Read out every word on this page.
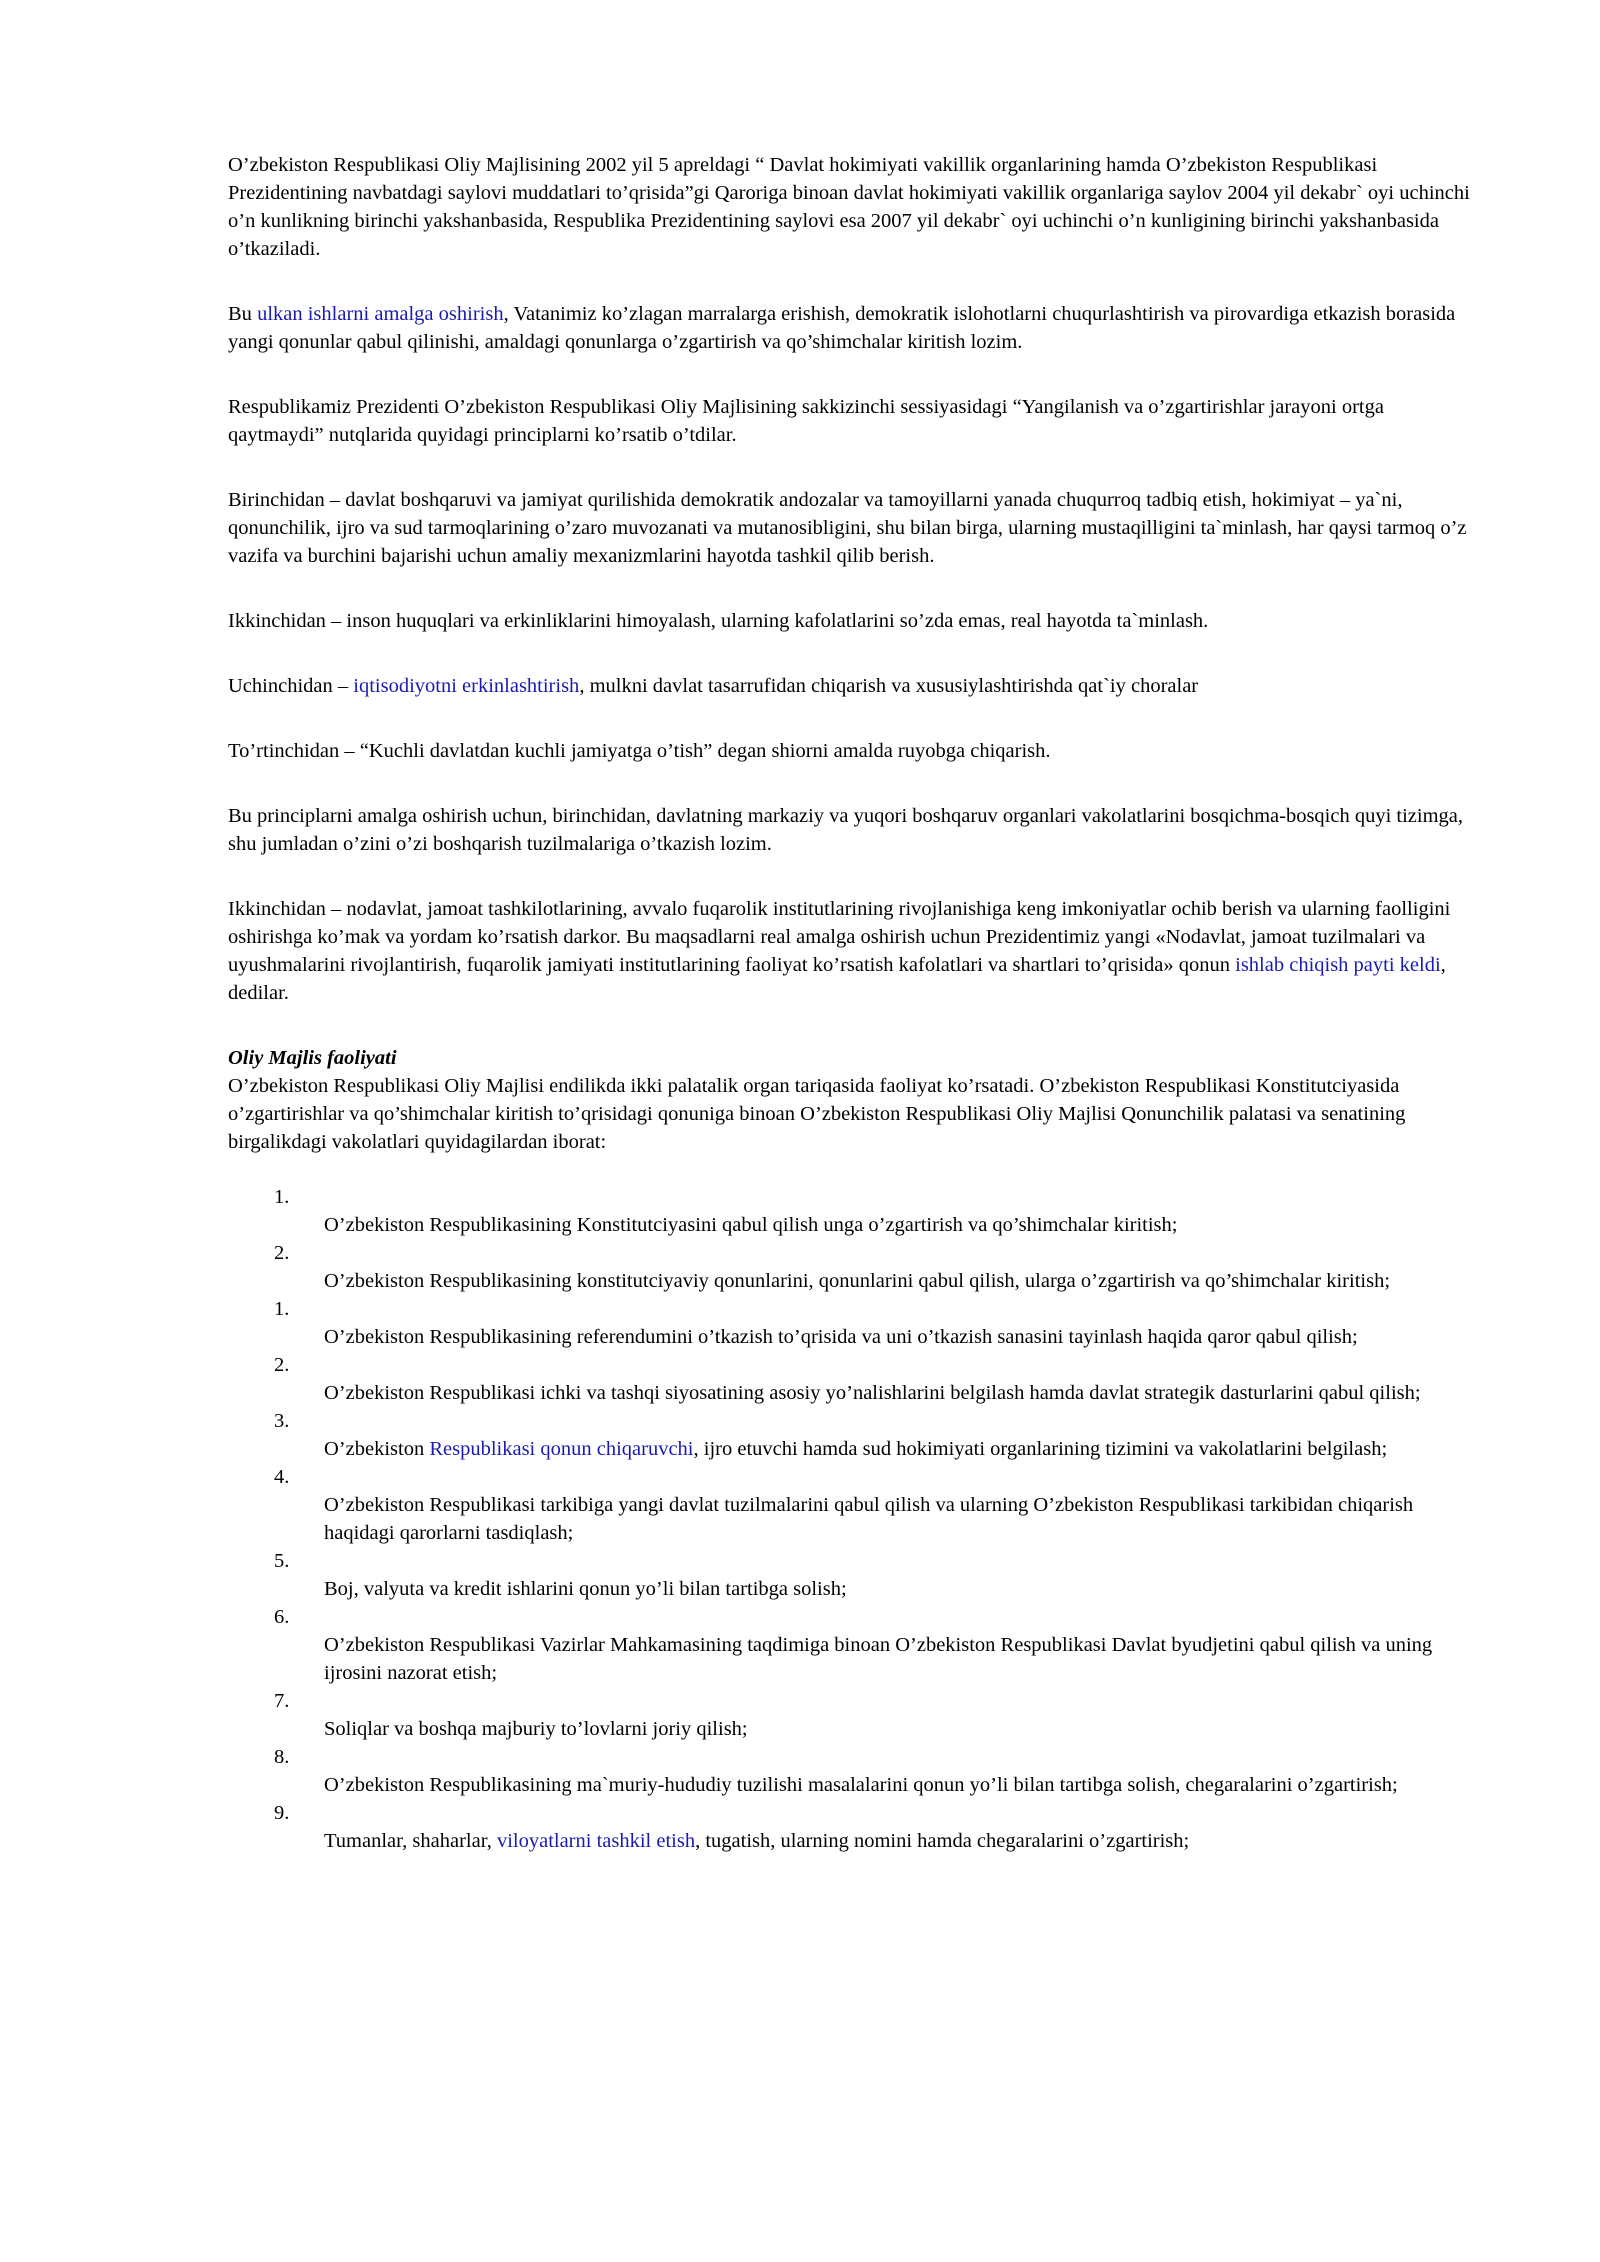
O’zbekiston Respublikasi Oliy Majlisining 2002 yil 5 apreldagi “ Davlat hokimiyati vakillik organlarining hamda O’zbekiston Respublikasi Prezidentining navbatdagi saylovi muddatlari to’qrisida”gi Qaroriga binoan davlat hokimiyati vakillik organlariga saylov 2004 yil dekabr` oyi uchinchi o’n kunlikning birinchi yakshanbasida, Respublika Prezidentining saylovi esa 2007 yil dekabr` oyi uchinchi o’n kunligining birinchi yakshanbasida o’tkaziladi.

Bu ulkan ishlarni amalga oshirish, Vatanimiz ko’zlagan marralarga erishish, demokratik islohotlarni chuqurlashtirish va pirovardiga etkazish borasida yangi qonunlar qabul qilinishi, amaldagi qonunlarga o’zgartirish va qo’shimchalar kiritish lozim.

Respublikamiz Prezidenti O’zbekiston Respublikasi Oliy Majlisining sakkizinchi sessiyasidagi “Yangilanish va o’zgartirishlar jarayoni ortga qaytmaydi” nutqlarida quyidagi principlarni ko’rsatib o’tdilar.

Birinchidan – davlat boshqaruvi va jamiyat qurilishida demokratik andozalar va tamoyillarni yanada chuqurroq tadbiq etish, hokimiyat – ya`ni, qonunchilik, ijro va sud tarmoqlarining o’zaro muvozanati va mutanosibligini, shu bilan birga, ularning mustaqilligini ta`minlash, har qaysi tarmoq o’z vazifa va burchini bajarishi uchun amaliy mexanizmlarini hayotda tashkil qilib berish.

Ikkinchidan – inson huquqlari va erkinliklarini himoyalash, ularning kafolatlarini so’zda emas, real hayotda ta`minlash.

Uchinchidan – iqtisodiyotni erkinlashtirish, mulkni davlat tasarrufidan chiqarish va xususiylashtirishda qat`iy choralar

To’rtinchidan – “Kuchli davlatdan kuchli jamiyatga o’tish” degan shiorni amalda ruyobga chiqarish.

Bu principlarni amalga oshirish uchun, birinchidan, davlatning markaziy va yuqori boshqaruv organlari vakolatlarini bosqichma-bosqich quyi tizimga, shu jumladan o’zini o’zi boshqarish tuzilmalariga o’tkazish lozim.

Ikkinchidan – nodavlat, jamoat tashkilotlarining, avvalo fuqarolik institutlarining rivojlanishiga keng imkoniyatlar ochib berish va ularning faolligini oshirishga ko’mak va yordam ko’rsatish darkor. Bu maqsadlarni real amalga oshirish uchun Prezidentimiz yangi «Nodavlat, jamoat tuzilmalari va uyushmalarini rivojlantirish, fuqarolik jamiyati institutlarining faoliyat ko’rsatish kafolatlari va shartlari to’qrisida» qonun ishlab chiqish payti keldi, dedilar.

Oliy Majlis faoliyati
O’zbekiston Respublikasi Oliy Majlisi endilikda ikki palatalik organ tariqasida faoliyat ko’rsatadi. O’zbekiston Respublikasi Konstitutciyasida o’zgartirishlar va qo’shimchalar kiritish to’qrisidagi qonuniga binoan O’zbekiston Respublikasi Oliy Majlisi Qonunchilik palatasi va senatining birgalikdagi vakolatlari quyidagilardan iborat:
1.
O’zbekiston Respublikasining Konstitutciyasini qabul qilish unga o’zgartirish va qo’shimchalar kiritish;
2.
O’zbekiston Respublikasining konstitutciyaviy qonunlarini, qonunlarini qabul qilish, ularga o’zgartirish va qo’shimchalar kiritish;
1.
O’zbekiston Respublikasining referendumini o’tkazish to’qrisida va uni o’tkazish sanasini tayinlash haqida qaror qabul qilish;
2.
O’zbekiston Respublikasi ichki va tashqi siyosatining asosiy yo’nalishlarini belgilash hamda davlat strategik dasturlarini qabul qilish;
3.
O’zbekiston Respublikasi qonun chiqaruvchi, ijro etuvchi hamda sud hokimiyati organlarining tizimini va vakolatlarini belgilash;
4.
O’zbekiston Respublikasi tarkibiga yangi davlat tuzilmalarini qabul qilish va ularning O’zbekiston Respublikasi tarkibidan chiqarish haqidagi qarorlarni tasdiqlash;
5.
Boj, valyuta va kredit ishlarini qonun yo’li bilan tartibga solish;
6.
O’zbekiston Respublikasi Vazirlar Mahkamasining taqdimiga binoan O’zbekiston Respublikasi Davlat byudjetini qabul qilish va uning ijrosini nazorat etish;
7.
Soliqlar va boshqa majburiy to’lovlarni joriy qilish;
8.
O’zbekiston Respublikasining ma`muriy-hududiy tuzilishi masalalarini qonun yo’li bilan tartibga solish, chegaralarini o’zgartirish;
9.
Tumanlar, shaharlar, viloyatlarni tashkil etish, tugatish, ularning nomini hamda chegaralarini o’zgartirish;
